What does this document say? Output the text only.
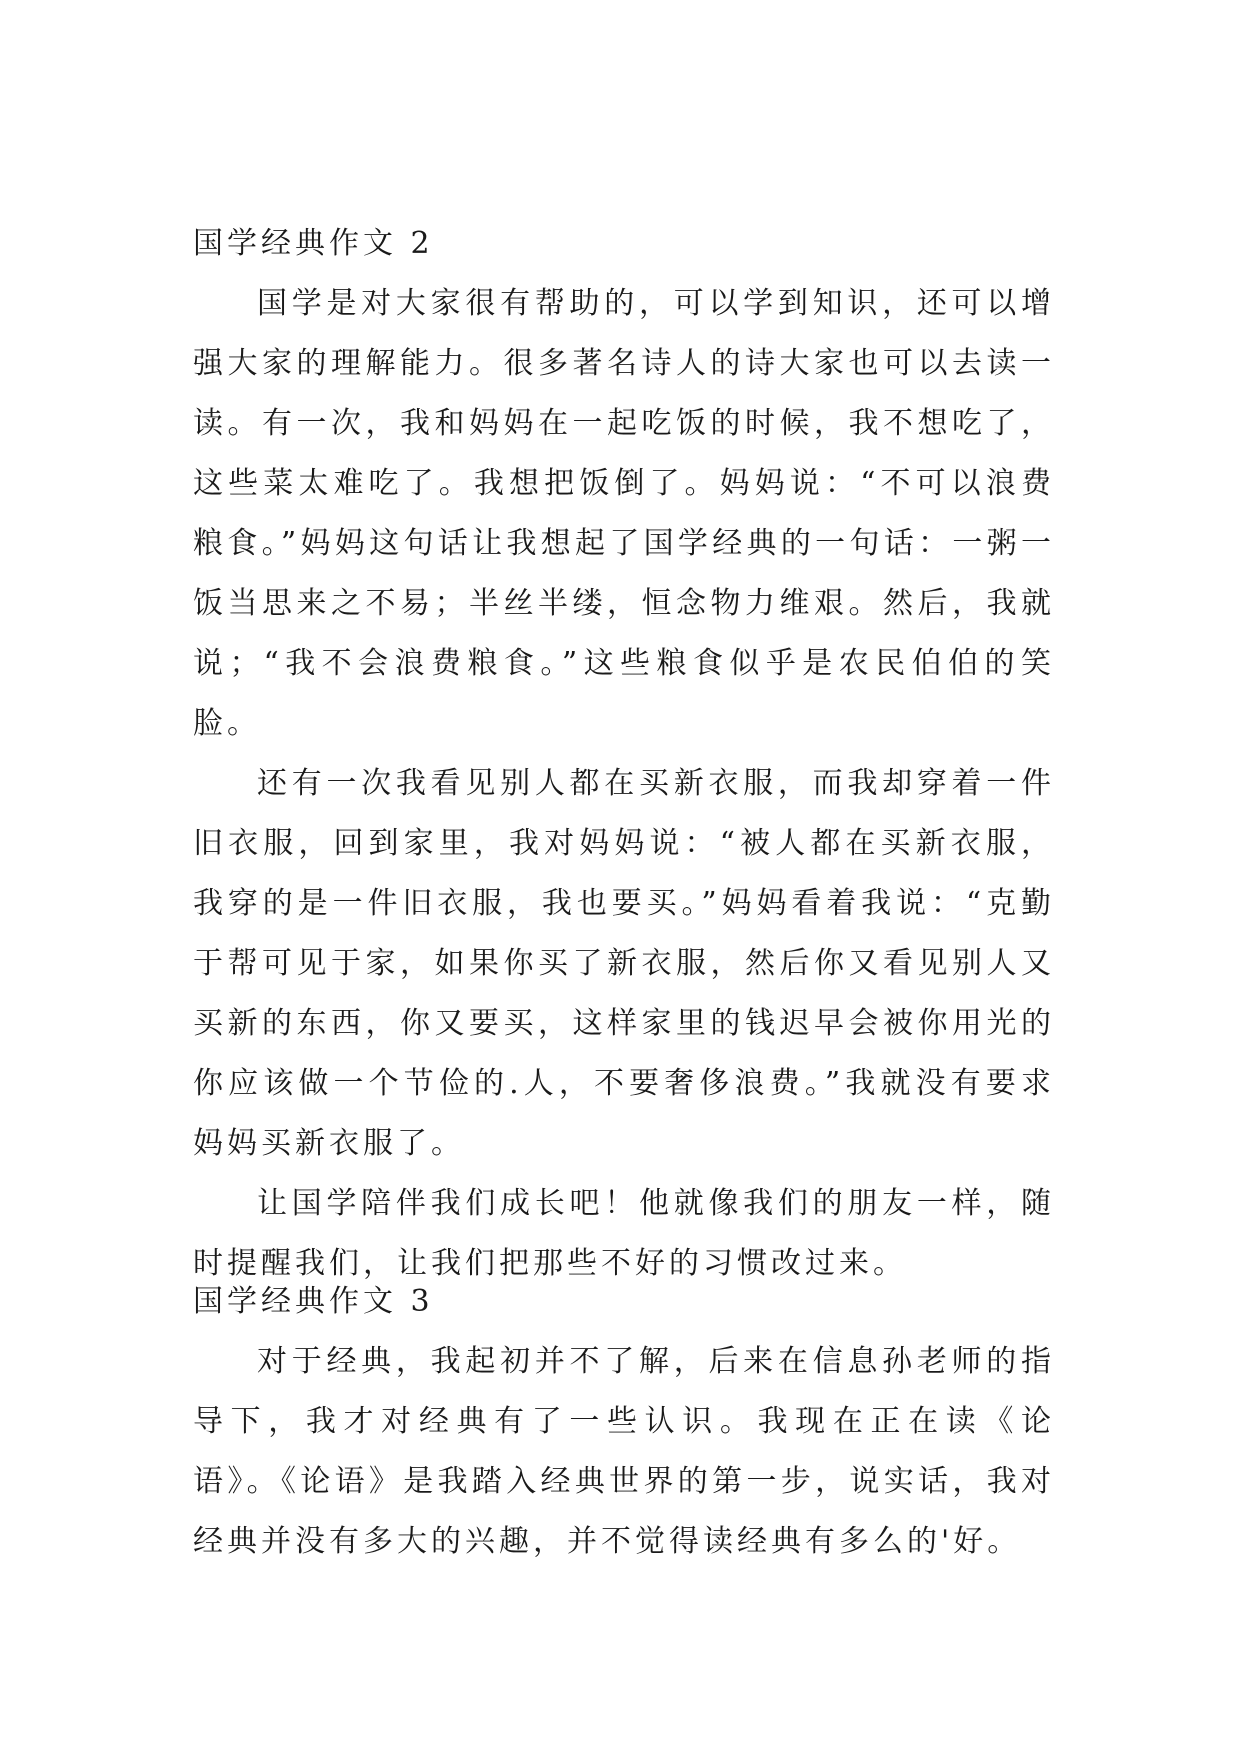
国学经典作文 2

国学是对大家很有帮助的，可以学到知识，还可以增强大家的理解能力。很多著名诗人的诗大家也可以去读一读。有一次，我和妈妈在一起吃饭的时候，我不想吃了，这些菜太难吃了。我想把饭倒了。妈妈说：“不可以浪费粮食。”妈妈这句话让我想起了国学经典的一句话：一粥一饭当思来之不易；半丝半缕，恒念物力维艰。然后，我就说；“我不会浪费粮食。”这些粮食似乎是农民伯伯的笑脸。

还有一次我看见别人都在买新衣服，而我却穿着一件旧衣服，回到家里，我对妈妈说：“被人都在买新衣服，我穿的是一件旧衣服，我也要买。”妈妈看着我说：“克勤于帮可见于家，如果你买了新衣服，然后你又看见别人又买新的东西，你又要买，这样家里的钱迟早会被你用光的你应该做一个节俭的.人，不要奢侈浪费。”我就没有要求妈妈买新衣服了。

让国学陪伴我们成长吧！他就像我们的朋友一样，随时提醒我们，让我们把那些不好的习惯改过来。

国学经典作文 3

对于经典，我起初并不了解，后来在信息孙老师的指导下，我才对经典有了一些认识。我现在正在读《论语》。《论语》是我踏入经典世界的第一步，说实话，我对经典并没有多大的兴趣，并不觉得读经典有多么的'好。
